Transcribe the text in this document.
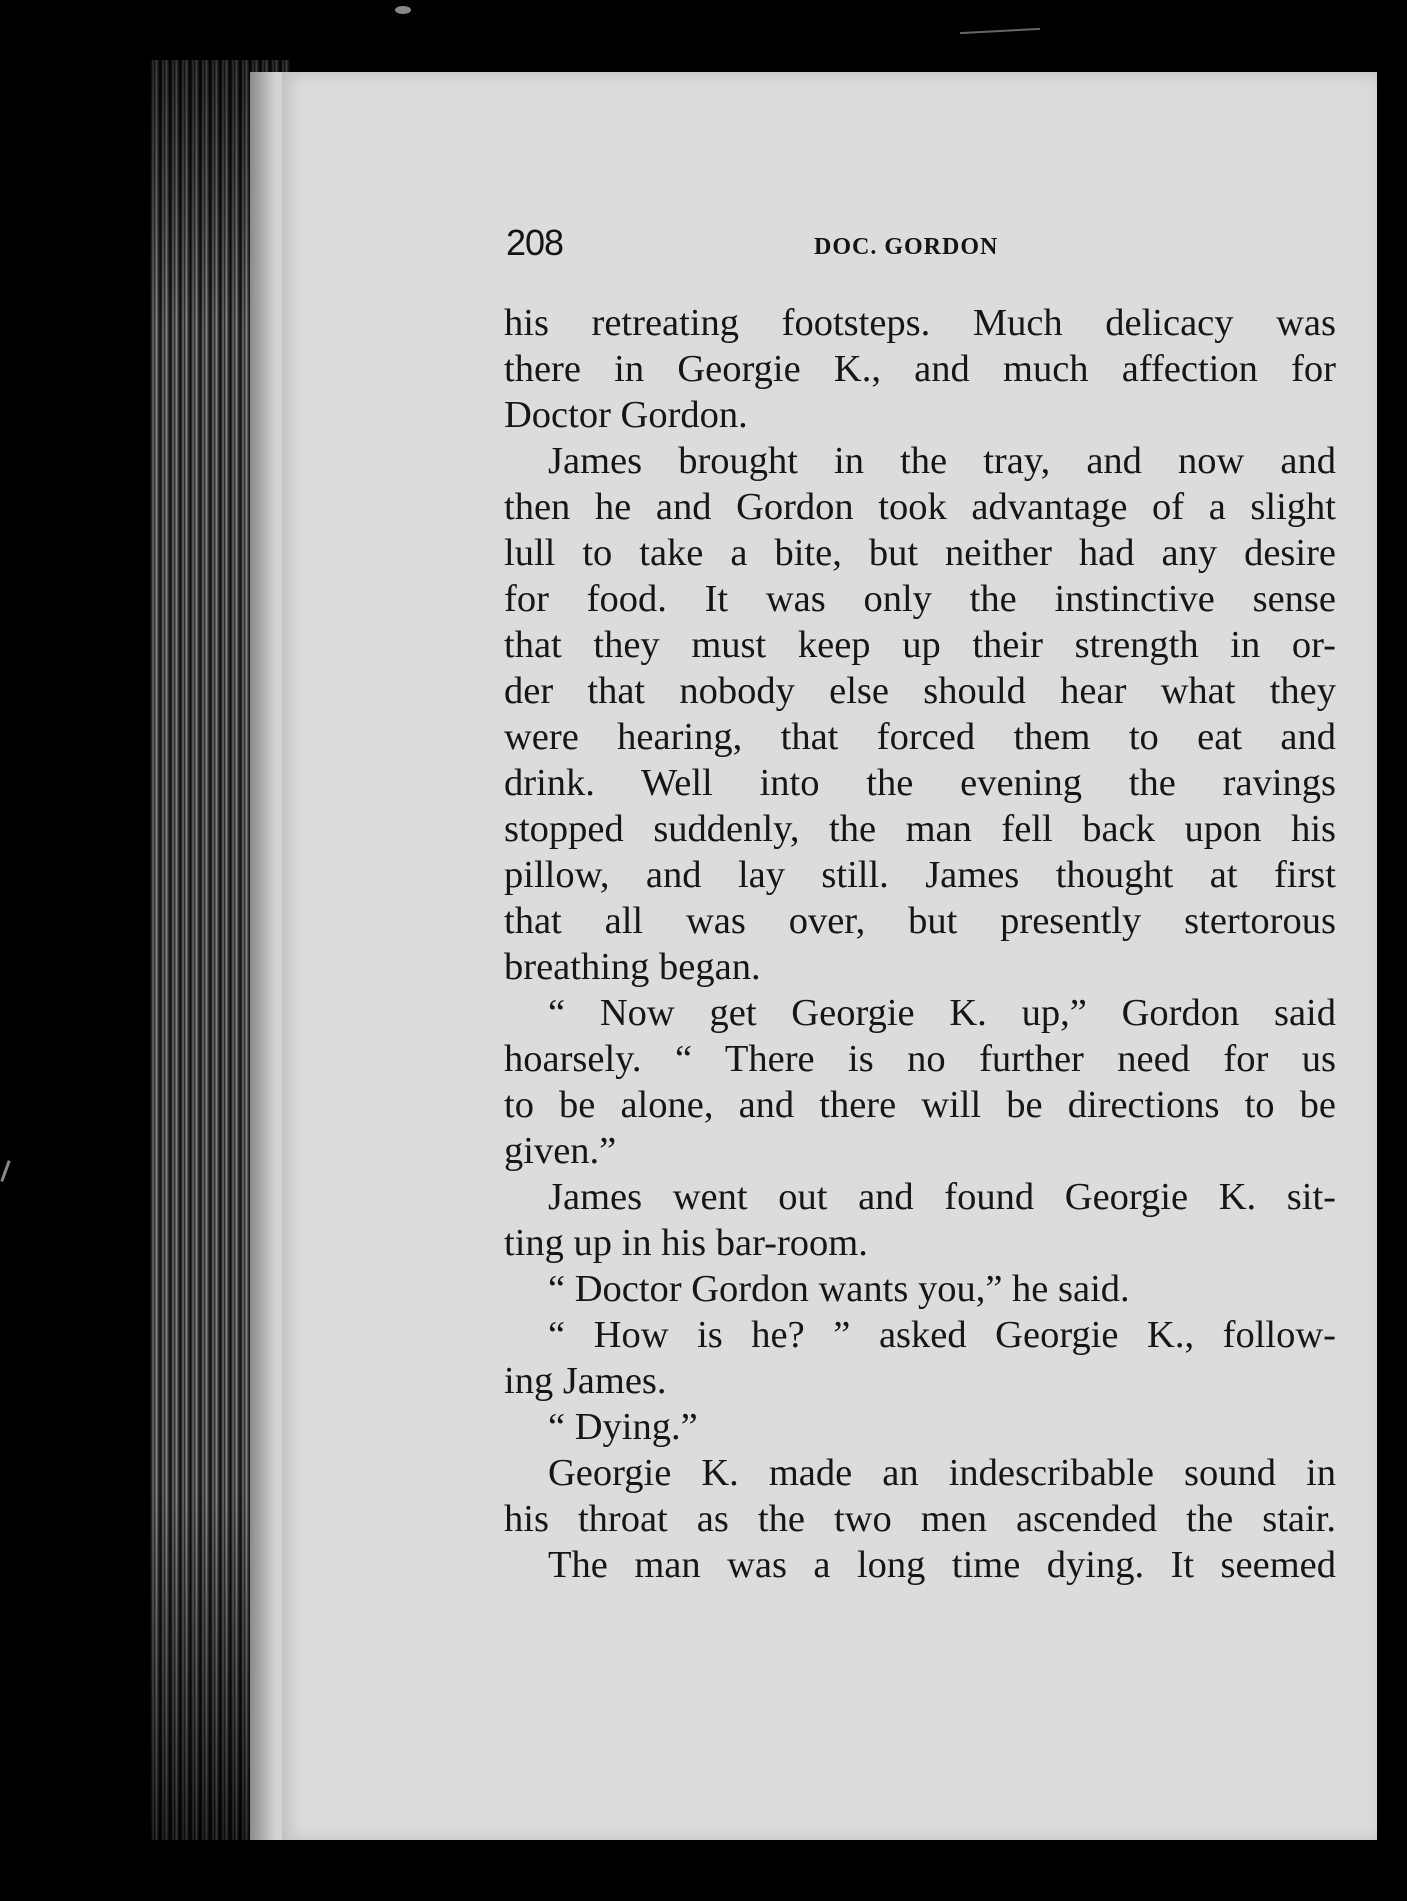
208	DOC. GORDON
his retreating footsteps. Much delicacy was
there in Georgie K., and much affection for
Doctor Gordon.
James brought in the tray, and now and
then he and Gordon took advantage of a slight
lull to take a bite, but neither had any desire
for food. It was only the instinctive sense
that they must keep up their strength in or-
der that nobody else should hear what they
were hearing, that forced them to eat and
drink. Well into the evening the ravings
stopped suddenly, the man fell back upon his
pillow, and lay still. James thought at first
that all was over, but presently stertorous
breathing began.
“ Now get Georgie K. up,” Gordon said
hoarsely. “ There is no further need for us
to be alone, and there will be directions to be
given.”
James went out and found Georgie K. sit-
ting up in his bar-room.
“ Doctor Gordon wants you,” he said.
“ How is he? ” asked Georgie K., follow-
ing James.
“ Dying.”
Georgie K. made an indescribable sound in
his throat as the two men ascended the stair.
The man was a long time dying. It seemed
